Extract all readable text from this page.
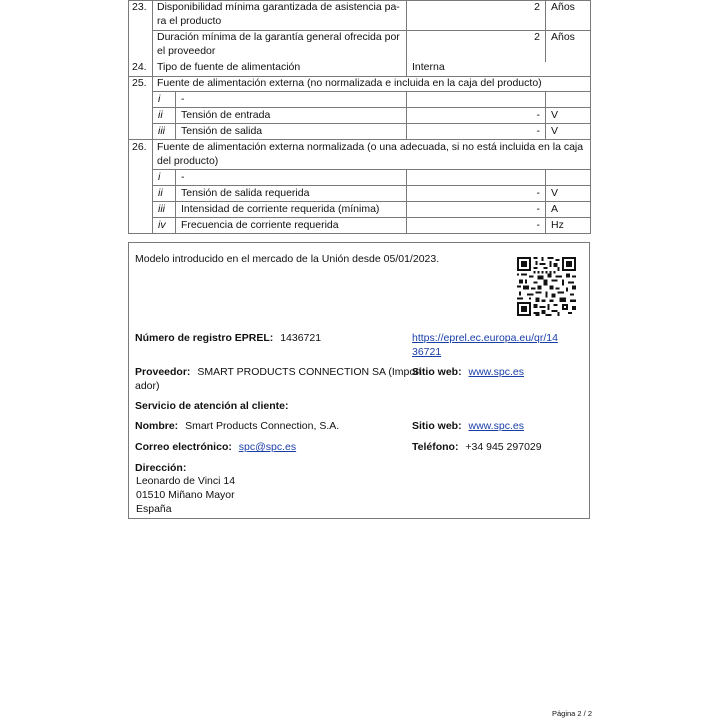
23. Disponibilidad mínima garantizada de asistencia pa-
ra el producto
2 Años
Duración mínima de la garantía general ofrecida por
el proveedor
2 Años
24. Tipo de fuente de alimentación	Interna
25. Fuente de alimentación externa (no normalizada e incluida en la caja del producto)
i -
ii Tensión de entrada	- V
iii Tensión de salida	- V
26. Fuente de alimentación externa normalizada (o una adecuada, si no está incluida en la caja
del producto)
i -
ii Tensión de salida requerida	- V
iii Intensidad de corriente requerida (mínima)	- A
iv Frecuencia de corriente requerida	- Hz
Modelo introducido en el mercado de la Unión desde 05/01/2023.
Número de registro EPREL: 1436721	https://eprel.ec.europa.eu/qr/14
36721
Proveedor: SMART PRODUCTS CONNECTION SA (Import
ador)
Sitio web: www.spc.es
Servicio de atención al cliente:
Nombre: Smart Products Connection, S.A.	Sitio web: www.spc.es
Correo electrónico: spc@spc.es	Teléfono: +34 945 297029
Dirección:
Leonardo de Vinci 14
01510 Miñano Mayor
España
Página 2 / 2
